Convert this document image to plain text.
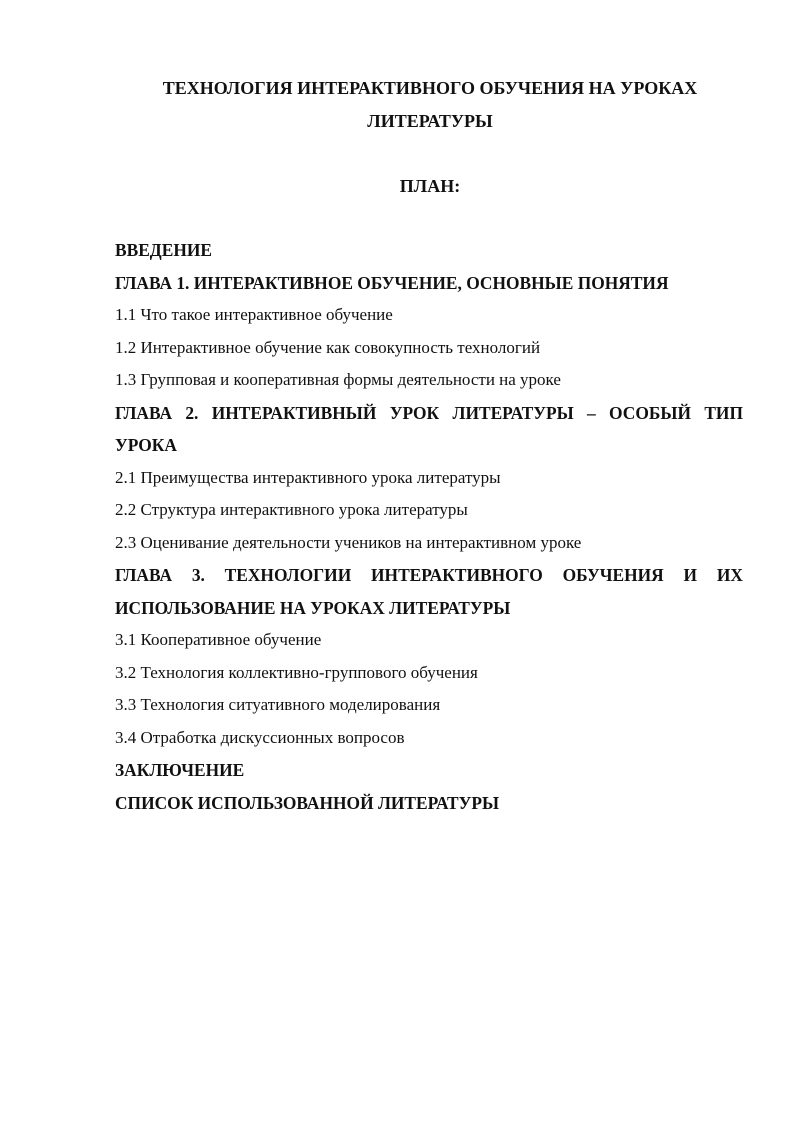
ТЕХНОЛОГИЯ ИНТЕРАКТИВНОГО ОБУЧЕНИЯ НА УРОКАХ
ЛИТЕРАТУРЫ
ПЛАН:
ВВЕДЕНИЕ
ГЛАВА 1. ИНТЕРАКТИВНОЕ ОБУЧЕНИЕ, ОСНОВНЫЕ ПОНЯТИЯ
1.1 Что такое интерактивное обучение
1.2 Интерактивное обучение как совокупность технологий
1.3 Групповая и кооперативная формы деятельности на уроке
ГЛАВА 2. ИНТЕРАКТИВНЫЙ УРОК ЛИТЕРАТУРЫ – ОСОБЫЙ ТИП
УРОКА
2.1 Преимущества интерактивного урока литературы
2.2 Структура интерактивного урока литературы
2.3 Оценивание деятельности учеников на интерактивном уроке
ГЛАВА 3. ТЕХНОЛОГИИ ИНТЕРАКТИВНОГО ОБУЧЕНИЯ И ИХ
ИСПОЛЬЗОВАНИЕ НА УРОКАХ ЛИТЕРАТУРЫ
3.1 Кооперативное обучение
3.2 Технология коллективно-группового обучения
3.3 Технология ситуативного моделирования
3.4 Отработка дискуссионных вопросов
ЗАКЛЮЧЕНИЕ
СПИСОК ИСПОЛЬЗОВАННОЙ ЛИТЕРАТУРЫ
